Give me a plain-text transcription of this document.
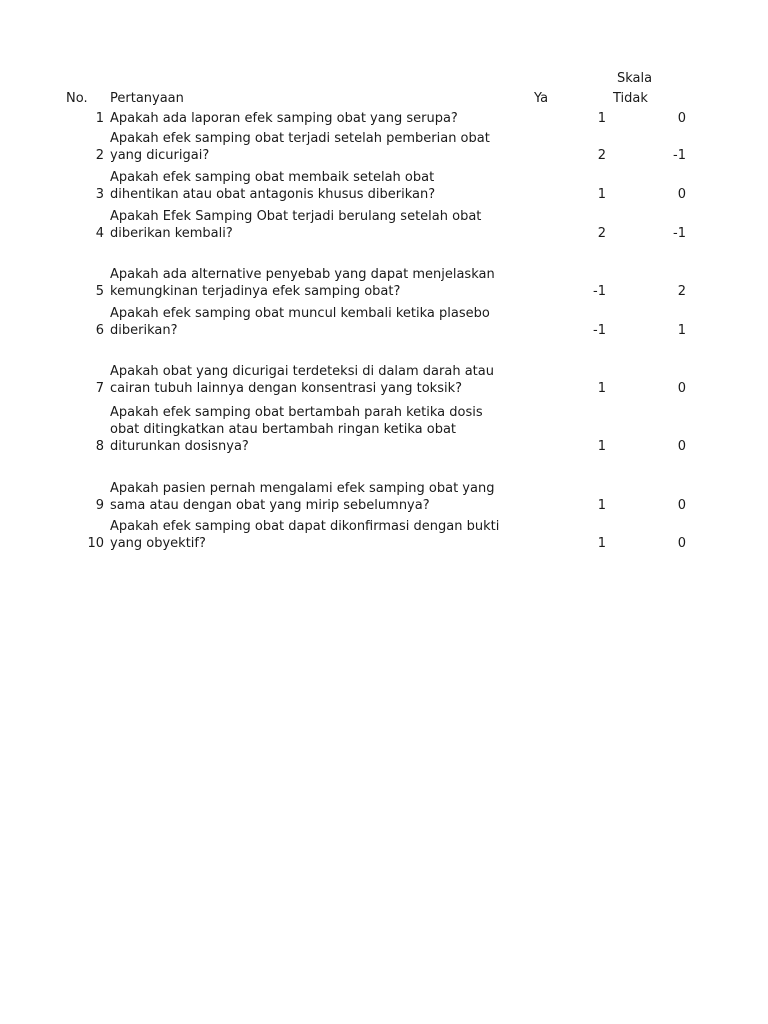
Skala
No. Pertanyaan	Ya	Tidak
Apakah ada laporan efek samping obat yang serupa?
1	1	0
Apakah efek samping obat terjadi setelah pemberian obat
yang dicurigai?
2	2	-1
Apakah efek samping obat membaik setelah obat
dihentikan atau obat antagonis khusus diberikan?
3	1	0
Apakah Efek Samping Obat terjadi berulang setelah obat
diberikan kembali?
4	2	-1
Apakah ada alternative penyebab yang dapat menjelaskan
kemungkinan terjadinya efek samping obat?
5	-1	2
Apakah efek samping obat muncul kembali ketika plasebo
diberikan?
6	-1	1
Apakah obat yang dicurigai terdeteksi di dalam darah atau
cairan tubuh lainnya dengan konsentrasi yang toksik?
7	1	0
Apakah efek samping obat bertambah parah ketika dosis
obat ditingkatkan atau bertambah ringan ketika obat
diturunkan dosisnya?
8	1	0
Apakah pasien pernah mengalami efek samping obat yang
sama atau dengan obat yang mirip sebelumnya?
9	1	0
Apakah efek samping obat dapat dikonfirmasi dengan bukti
yang obyektif?
10	1	0
